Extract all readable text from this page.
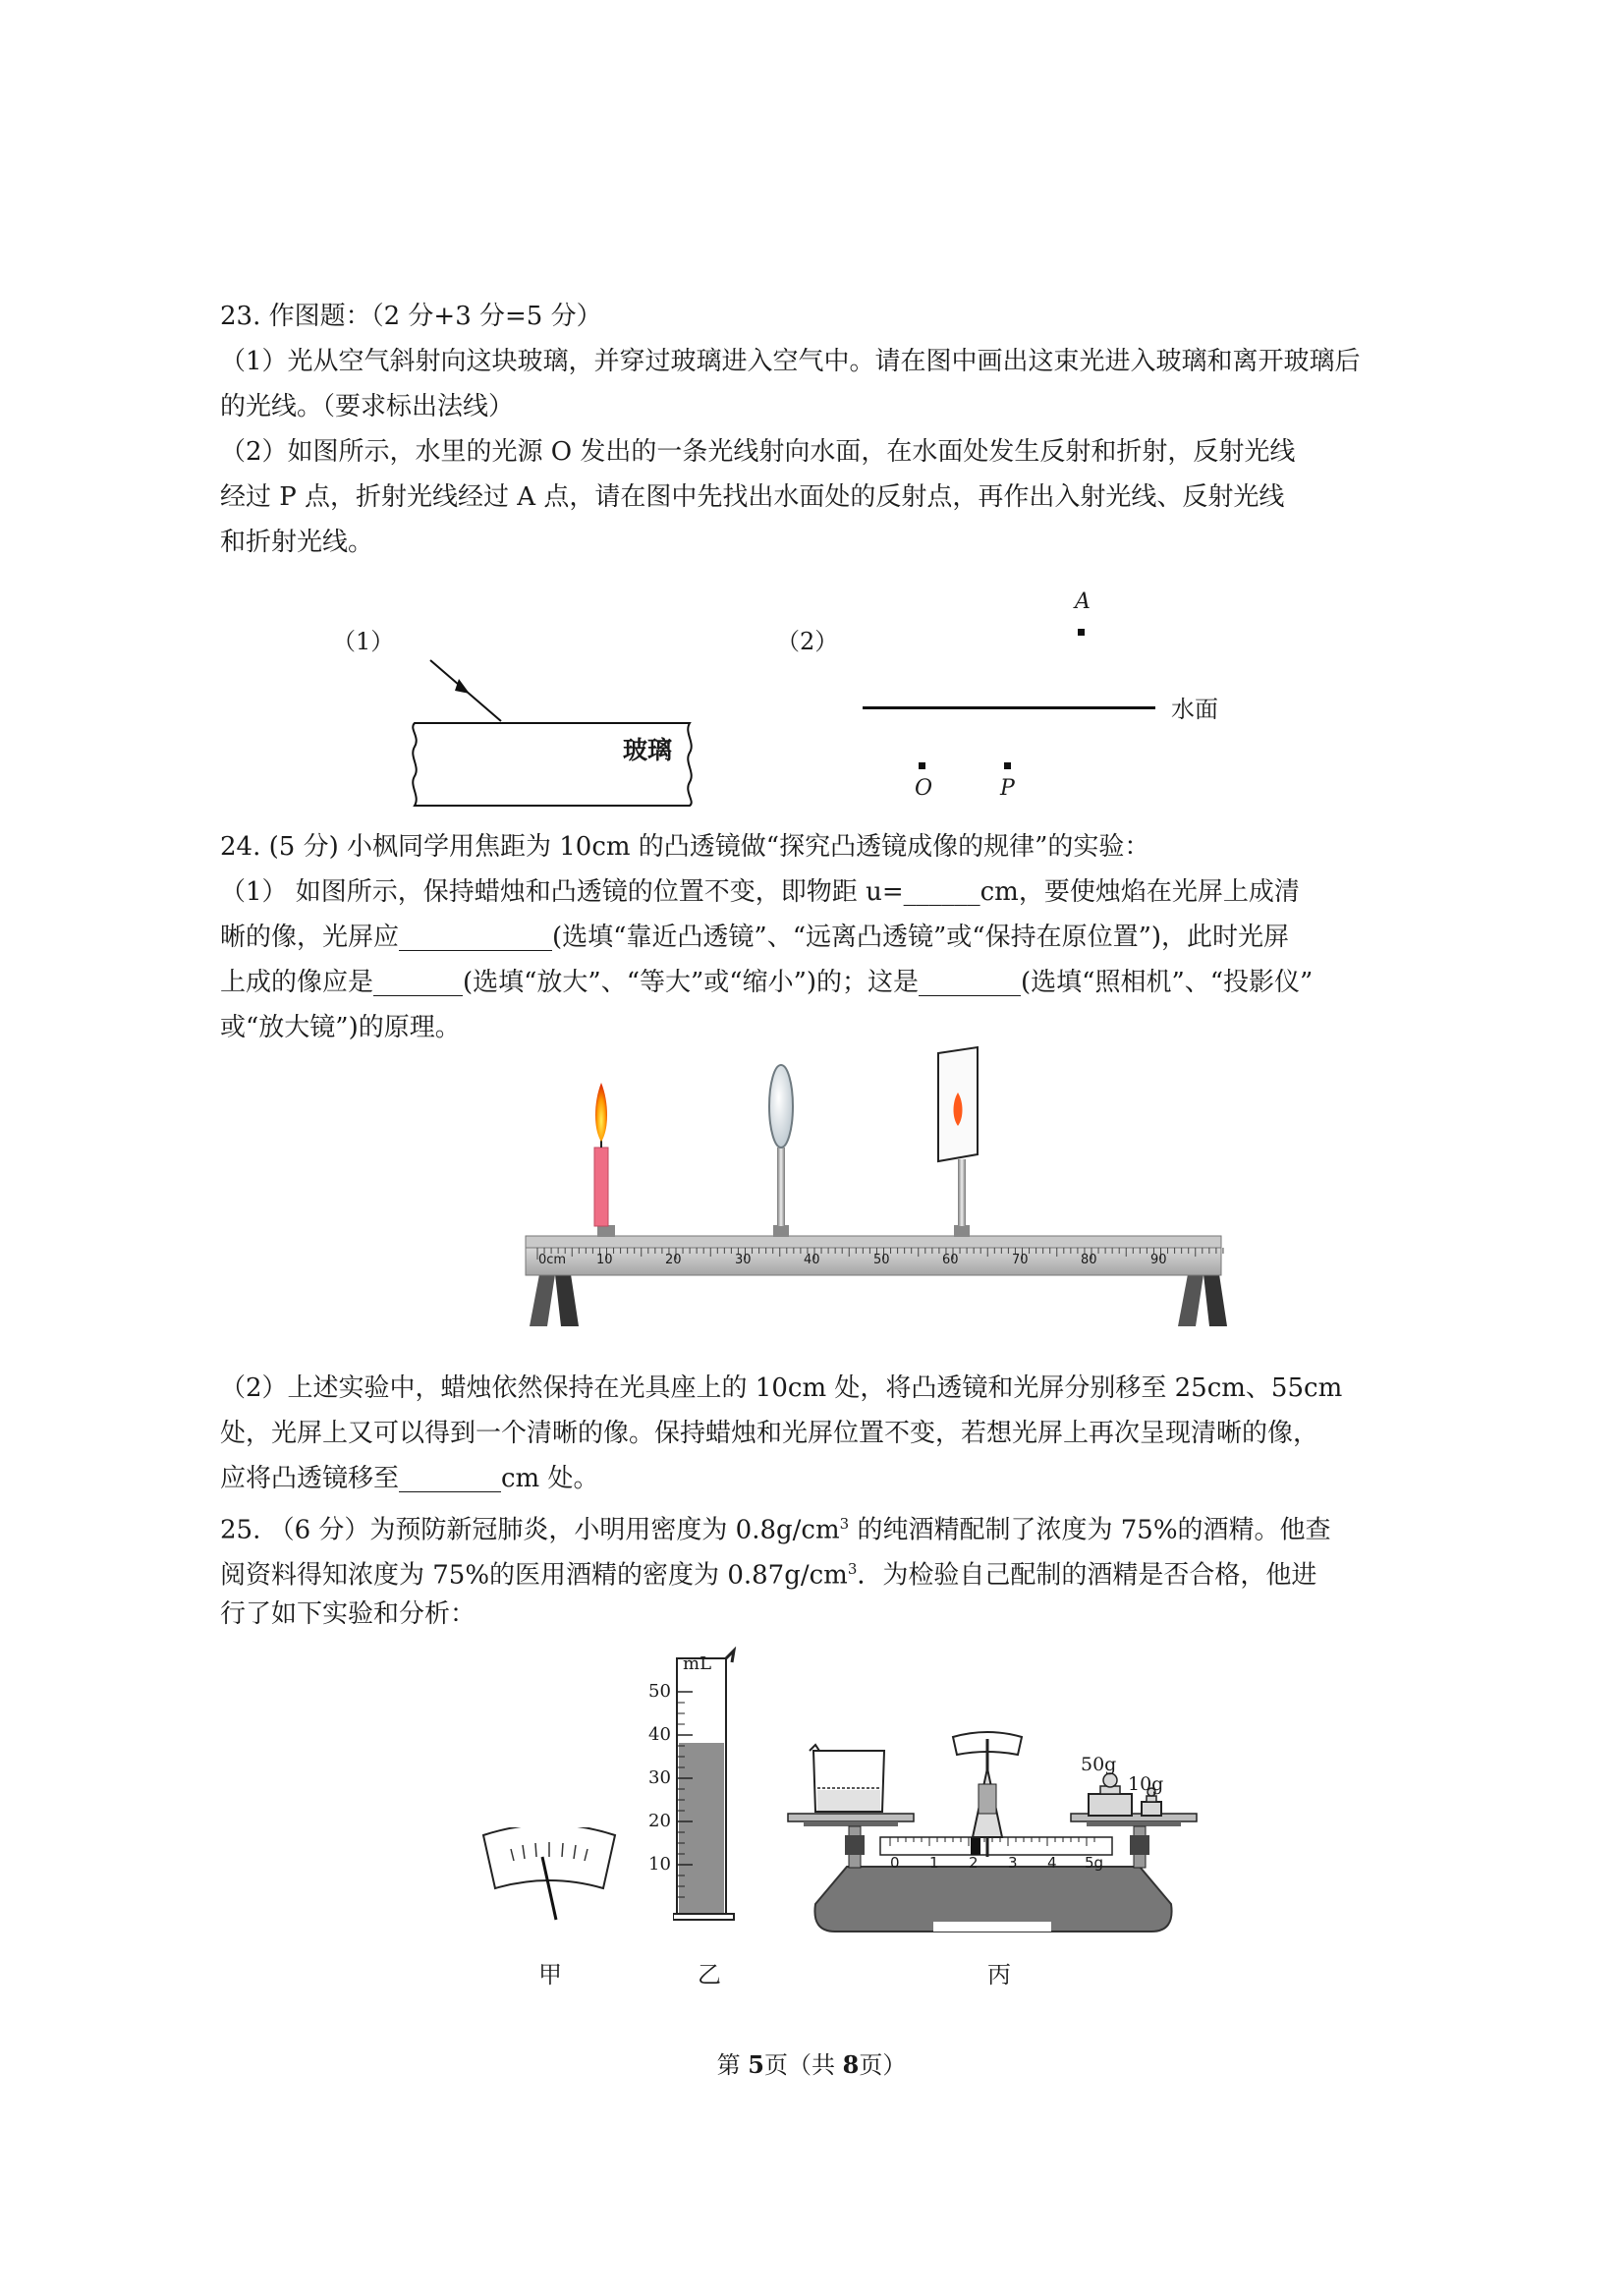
23. 作图题：（2 分+3 分=5 分）
（1）光从空气斜射向这块玻璃，并穿过玻璃进入空气中。请在图中画出这束光进入玻璃和离开玻璃后
的光线。（要求标出法线）
（2）如图所示，水里的光源 O 发出的一条光线射向水面，在水面处发生反射和折射，反射光线
经过 P 点，折射光线经过 A 点，请在图中先找出水面处的反射点，再作出入射光线、反射光线
和折射光线。
（1）
玻璃
（2）
A
水面
O	P
24. (5 分) 小枫同学用焦距为 10cm 的凸透镜做“探究凸透镜成像的规律”的实验：
（1） 如图所示，保持蜡烛和凸透镜的位置不变，即物距 u=______cm，要使烛焰在光屏上成清
晰的像，光屏应____________(选填“靠近凸透镜”、“远离凸透镜”或“保持在原位置”)，此时光屏
上成的像应是_______(选填“放大”、“等大”或“缩小”)的；这是________(选填“照相机”、“投影仪”
或“放大镜”)的原理。
0cm 10	20	30	40	50	60	70	80	90
（2）上述实验中，蜡烛依然保持在光具座上的 10cm 处，将凸透镜和光屏分别移至 25cm、55cm
处，光屏上又可以得到一个清晰的像。保持蜡烛和光屏位置不变，若想光屏上再次呈现清晰的像，
应将凸透镜移至________cm 处。
25. （6 分）为预防新冠肺炎，小明用密度为 $0.8g/cm^3$ 的纯酒精配制了浓度为 75%的酒精。他查
阅资料得知浓度为 75%的医用酒精的密度为 $0.87g/cm^3$．为检验自己配制的酒精是否合格，他进
行了如下实验和分析：
甲
mL
50
40
30
20
10
乙
0 1 2 3 4 5g
50g
10g
丙
第 5页（共 8页）
